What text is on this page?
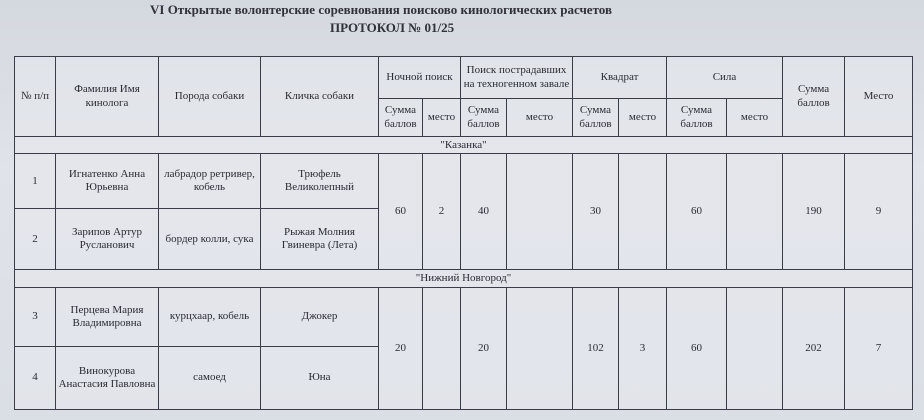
VI Открытые волонтерские соревнования поисково кинологических расчетов
ПРОТОКОЛ № 01/25
№ п/п	Фамилия Имя кинолога	Порода собаки	Кличка собаки	Ночной поиск		Поиск пострадавших на техногенном завале		Квадрат		Сила		Сумма баллов	Место
				Сумма баллов	место	Сумма баллов	место	Сумма баллов	место	Сумма баллов	место		
"Казанка"													
1	Игнатенко Анна Юрьевна	лабрадор ретривер, кобель	Трюфель Великолепный	60	2	40		30		60		190	9
2	Зарипов Артур Русланович	бордер колли, сука	Рыжая Молния Гвиневра (Лета)										
"Нижний Новгород"													
3	Перцева Мария Владимировна	курцхаар, кобель	Джокер	20		20		102	3	60		202	7
4	Винокурова Анастасия Павловна	самоед	Юна										
